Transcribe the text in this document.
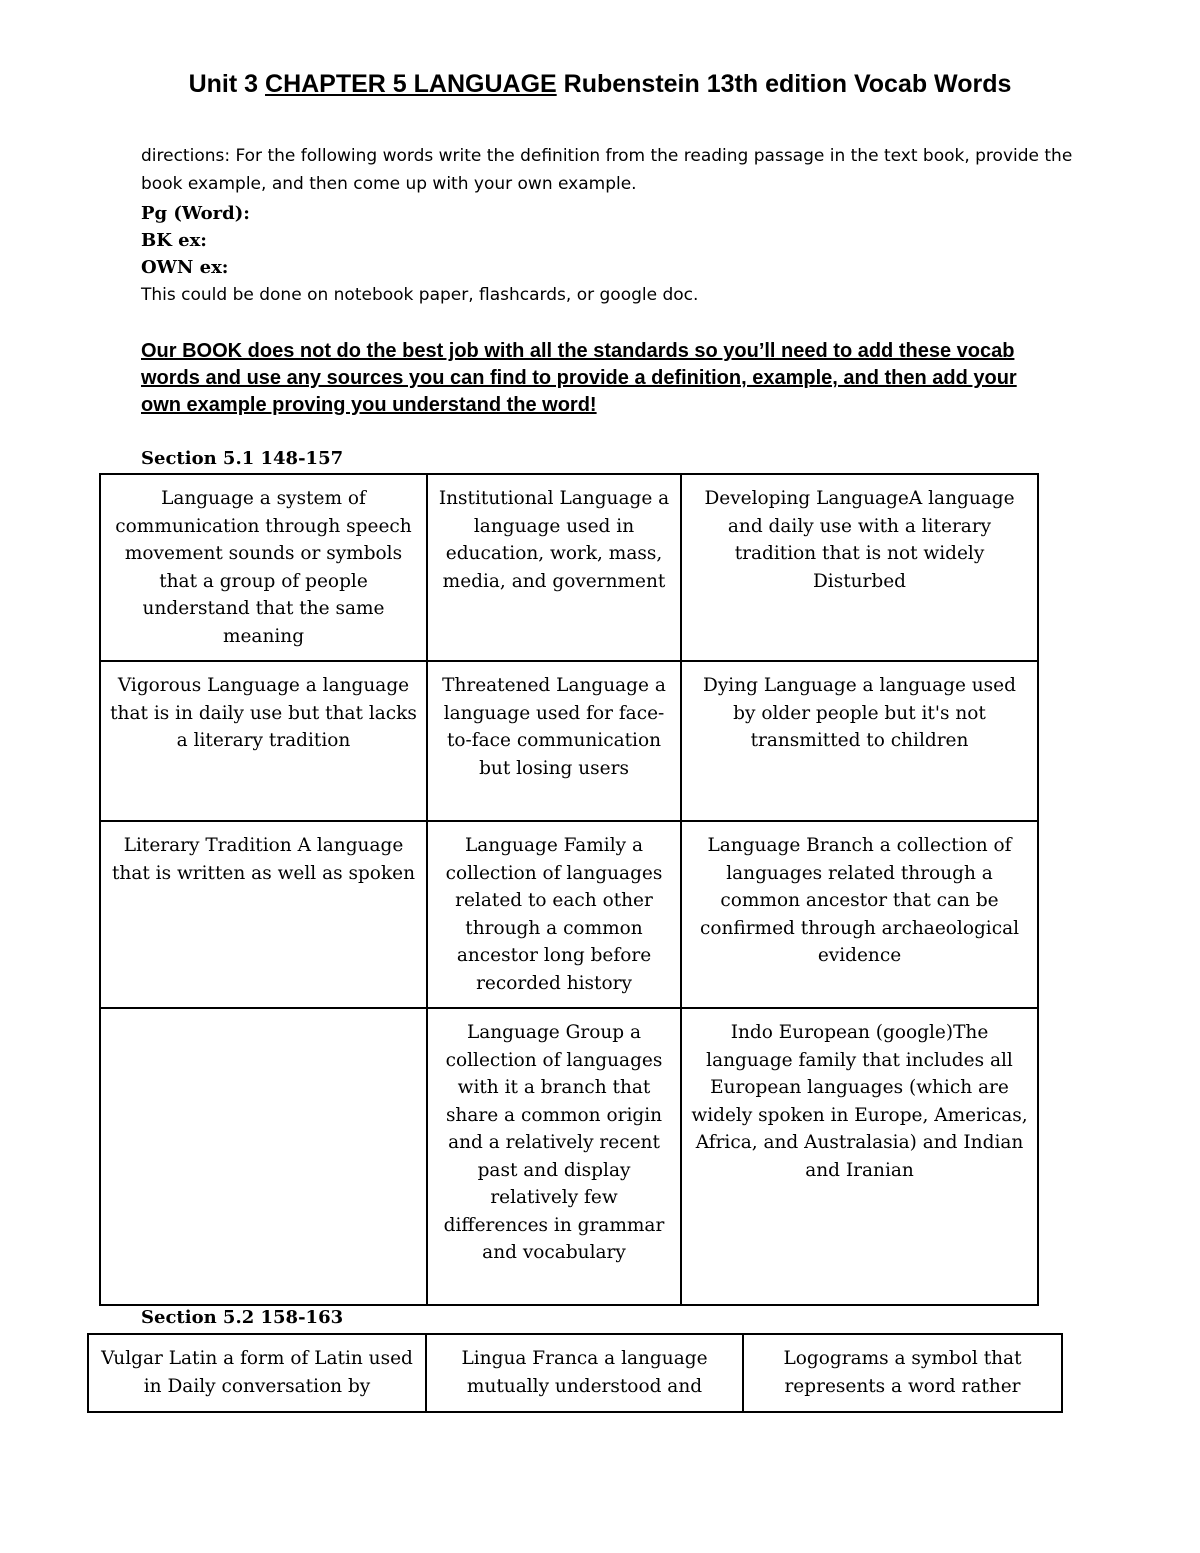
Unit 3 CHAPTER 5 LANGUAGE Rubenstein 13th edition Vocab Words

directions: For the following words write the definition from the reading passage in the text book, provide the book example, and then come up with your own example.

Pg (Word):
BK ex:
OWN ex:

This could be done on notebook paper, flashcards, or google doc.

Our BOOK does not do the best job with all the standards so you’ll need to add these vocab words and use any sources you can find to provide a definition, example, and then add your own example proving you understand the word!

Section 5.1 148-157

Language a system of communication through speech movement sounds or symbols that a group of people understand that the same meaning	Institutional Language a language used in education, work, mass, media, and government	Developing LanguageA language and daily use with a literary tradition that is not widely Disturbed
Vigorous Language a language that is in daily use but that lacks a literary tradition	Threatened Language a language used for face-to-face communication but losing users	Dying Language a language used by older people but it's not transmitted to children
Literary Tradition A language that is written as well as spoken	Language Family a collection of languages related to each other through a common ancestor long before recorded history	Language Branch a collection of languages related through a common ancestor that can be confirmed through archaeological evidence
	Language Group a collection of languages with it a branch that share a common origin and a relatively recent past and display relatively few differences in grammar and vocabulary	Indo European (google)The language family that includes all European languages (which are widely spoken in Europe, Americas, Africa, and Australasia) and Indian and Iranian

Section 5.2 158-163

Vulgar Latin a form of Latin used in Daily conversation by	Lingua Franca a language mutually understood and	Logograms a symbol that represents a word rather
